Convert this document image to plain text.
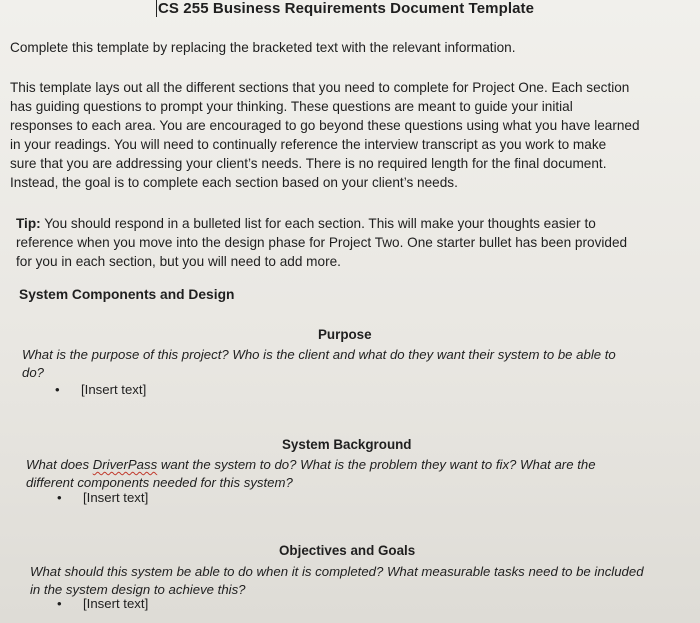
CS 255 Business Requirements Document Template
Complete this template by replacing the bracketed text with the relevant information.
This template lays out all the different sections that you need to complete for Project One. Each section
has guiding questions to prompt your thinking. These questions are meant to guide your initial
responses to each area. You are encouraged to go beyond these questions using what you have learned
in your readings. You will need to continually reference the interview transcript as you work to make
sure that you are addressing your client’s needs. There is no required length for the final document.
Instead, the goal is to complete each section based on your client’s needs.
Tip: You should respond in a bulleted list for each section. This will make your thoughts easier to
reference when you move into the design phase for Project Two. One starter bullet has been provided
for you in each section, but you will need to add more.
System Components and Design
Purpose
What is the purpose of this project? Who is the client and what do they want their system to be able to
do?
• [Insert text]
System Background
What does DriverPass want the system to do? What is the problem they want to fix? What are the
different components needed for this system?
• [Insert text]
Objectives and Goals
What should this system be able to do when it is completed? What measurable tasks need to be included
in the system design to achieve this?
• [Insert text]
